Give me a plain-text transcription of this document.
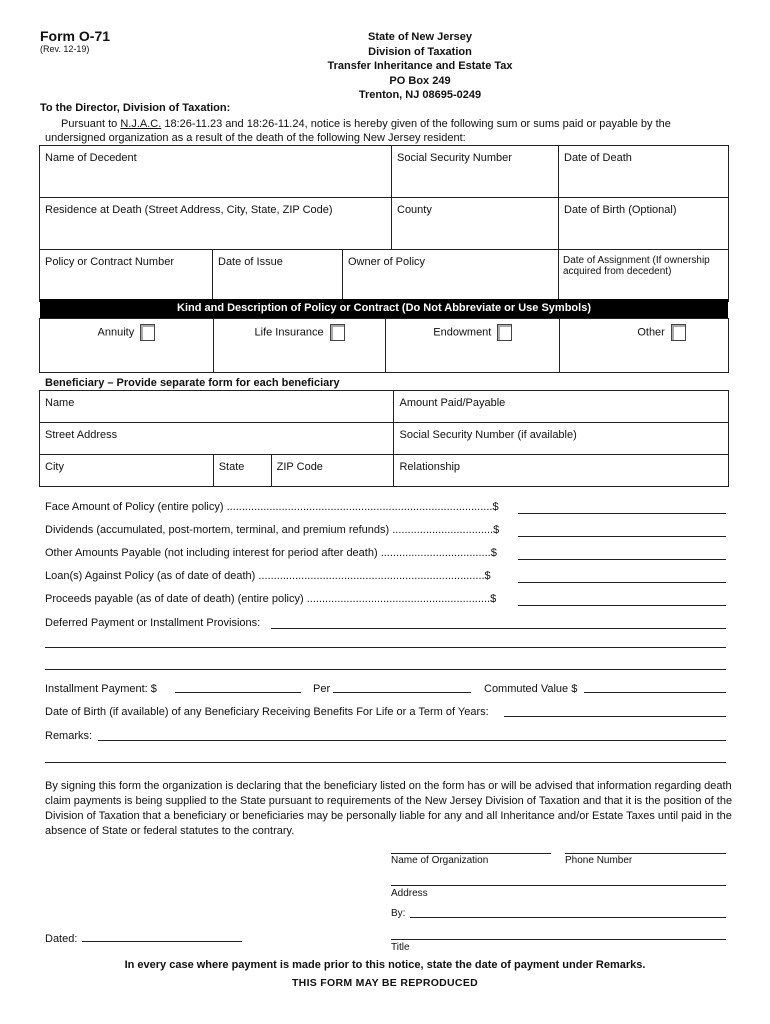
Form O-71
(Rev. 12-19)
State of New Jersey
Division of Taxation
Transfer Inheritance and Estate Tax
PO Box 249
Trenton, NJ 08695-0249
To the Director, Division of Taxation:
Pursuant to N.J.A.C. 18:26-11.23 and 18:26-11.24, notice is hereby given of the following sum or sums paid or payable by the
undersigned organization as a result of the death of the following New Jersey resident:
Name of Decedent			Social Security Number	Date of Death
Residence at Death (Street Address, City, State, ZIP Code)			County	Date of Birth (Optional)
Policy or Contract Number	Date of Issue	Owner of Policy		Date of Assignment (If ownership acquired from decedent)
Kind and Description of Policy or Contract (Do Not Abbreviate or Use Symbols)
Annuity	Life Insurance	Endowment	Other
Beneficiary – Provide separate form for each beneficiary
Name			Amount Paid/Payable
Street Address			Social Security Number (if available)
City	State	ZIP Code	Relationship
Face Amount of Policy (entire policy) .......................................................................................$
Dividends (accumulated, post-mortem, terminal, and premium refunds) .................................$
Other Amounts Payable (not including interest for period after death) ....................................$
Loan(s) Against Policy (as of date of death) ..........................................................................$
Proceeds payable (as of date of death) (entire policy) ............................................................$
Deferred Payment or Installment Provisions:
Installment Payment: $	Per	Commuted Value $
Date of Birth (if available) of any Beneficiary Receiving Benefits For Life or a Term of Years:
Remarks:
By signing this form the organization is declaring that the beneficiary listed on the form has or will be advised that information regarding death claim payments is being supplied to the State pursuant to requirements of the New Jersey Division of Taxation and that it is the position of the Division of Taxation that a beneficiary or beneficiaries may be personally liable for any and all Inheritance and/or Estate Taxes until paid in the absence of State or federal statutes to the contrary.
Name of Organization	Phone Number
Address
By:
Title
Dated:
In every case where payment is made prior to this notice, state the date of payment under Remarks.
THIS FORM MAY BE REPRODUCED
